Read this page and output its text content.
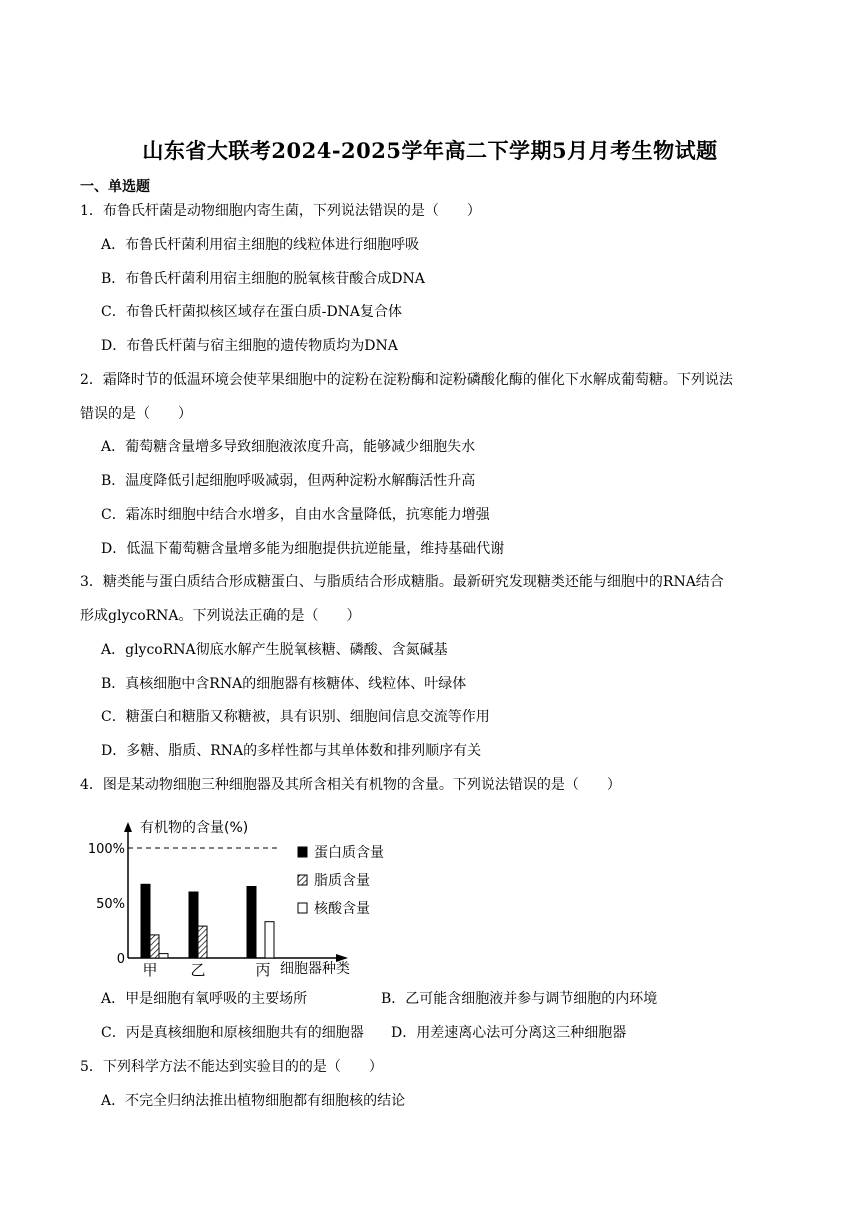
山东省大联考2024-2025学年高二下学期5月月考生物试题
一、单选题
1．布鲁氏杆菌是动物细胞内寄生菌，下列说法错误的是（　　）
A．布鲁氏杆菌利用宿主细胞的线粒体进行细胞呼吸
B．布鲁氏杆菌利用宿主细胞的脱氧核苷酸合成DNA
C．布鲁氏杆菌拟核区域存在蛋白质-DNA复合体
D．布鲁氏杆菌与宿主细胞的遗传物质均为DNA
2．霜降时节的低温环境会使苹果细胞中的淀粉在淀粉酶和淀粉磷酸化酶的催化下水解成葡萄糖。下列说法
错误的是（　　）
A．葡萄糖含量增多导致细胞液浓度升高，能够减少细胞失水
B．温度降低引起细胞呼吸减弱，但两种淀粉水解酶活性升高
C．霜冻时细胞中结合水增多，自由水含量降低，抗寒能力增强
D．低温下葡萄糖含量增多能为细胞提供抗逆能量，维持基础代谢
3．糖类能与蛋白质结合形成糖蛋白、与脂质结合形成糖脂。最新研究发现糖类还能与细胞中的RNA结合
形成glycoRNA。下列说法正确的是（　　）
A．glycoRNA彻底水解产生脱氧核糖、磷酸、含氮碱基
B．真核细胞中含RNA的细胞器有核糖体、线粒体、叶绿体
C．糖蛋白和糖脂又称糖被，具有识别、细胞间信息交流等作用
D．多糖、脂质、RNA的多样性都与其单体数和排列顺序有关
4．图是某动物细胞三种细胞器及其所含相关有机物的含量。下列说法错误的是（　　）
有机物的含量(%)
细胞器种类
0
50%
100%
甲 乙	丙
蛋白质含量
脂质含量
核酸含量
A．甲是细胞有氧呼吸的主要场所	B．乙可能含细胞液并参与调节细胞的内环境
C．丙是真核细胞和原核细胞共有的细胞器 D．用差速离心法可分离这三种细胞器
5．下列科学方法不能达到实验目的的是（　　）
A．不完全归纳法推出植物细胞都有细胞核的结论
